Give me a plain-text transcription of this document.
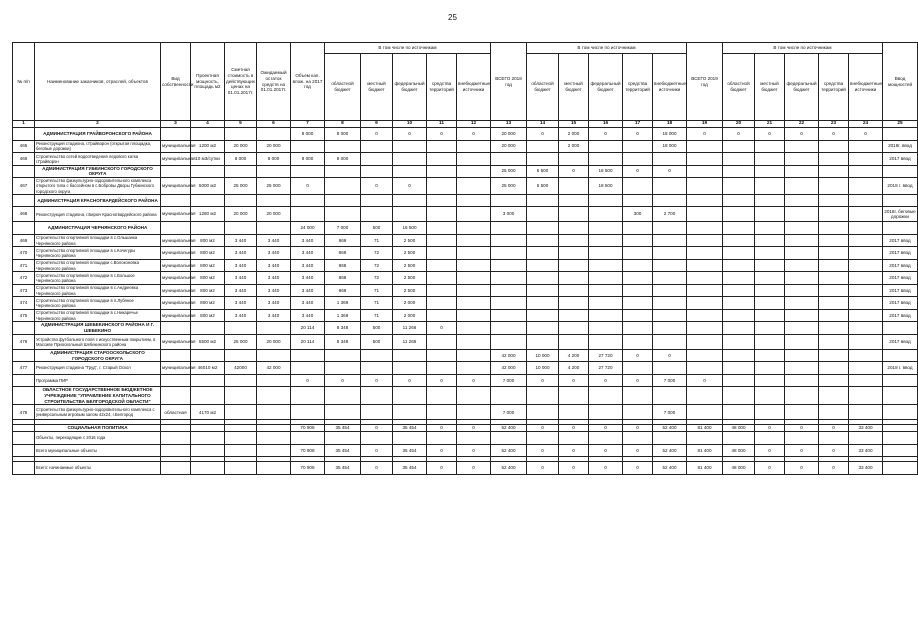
25
№ п/п	Наименование заказчиков, отраслей, объектов	Вид собственности	Проектная мощность, площадь м2	Сметная стоимость в действующих ценах на 01.01.2017г.	Ожидаемый остаток средств на 01.01.2017г.	Объем кап. влож. на 2017 год	В том числе по источникам					ВСЕГО 2018 год	В том числе по источникам					ВСЕГО 2019 год	В том числе по источникам					Ввод мощностей
							областной бюджет	местный бюджет	федеральный бюджет	средства территорий	внебюджетные источники		областной бюджет	местный бюджет	федеральный бюджет	средства территорий	внебюджетные источники		областной бюджет	местный бюджет	федеральный бюджет	средства территорий	внебюджетные источники	
1	2	3	4	5	6	7	8	9	10	11	12	13	14	15	16	17	18	19	20	21	22	23	24	25
	АДМИНИСТРАЦИЯ ГРАЙВОРОНСКОГО РАЙОНА					8 000	8 000	0	0	0	0	20 000	0	2 000	0	0	18 000	0	0	0	0	0	0	
465	Реконструкция стадиона, г.Грайворон (открытая площадка, беговые дорожки)	муниципальная	1200 м2	20 000	20 000							20 000		2 000			18 000							2018г. ввод
466	Строительство сетей водоотведения ледового катка г.Грайворон	муниципальная	10 м3/сутки	8 000	8 000	8 000	8 000																	2017 ввод
	АДМИНИСТРАЦИЯ ГУБКИНСКОГО ГОРОДСКОГО ОКРУГА											25 000	6 500	0	18 500	0	0							
467	Строительство физкультурно-оздоровительного комплекса открытого типа с бассейном в с.Бобровы Дворы Губкинского городского округа	муниципальная	5000 м2	25 000	25 000	0		0	0			25 000	6 500		18 500									2018 г. ввод
	АДМИНИСТРАЦИЯ КРАСНОГВАРДЕЙСКОГО РАЙОНА																							
468	Реконструкция стадиона, г.Бирюч Красногвардейского района	муниципальная	1280 м2	20 000	20 000							3 000				300	2 700							2018г. беговые дорожки
	АДМИНИСТРАЦИЯ ЧЕРНЯНСКОГО РАЙОНА					24 000	7 000	500	16 500															
469	Строительство спортивной площадки в с.Ольшанка Чернянского района	муниципальная	800 м2	3 440	3 440	3 440	869	71	2 500															2017 ввод
470	Строительство спортивной площадки в с.Кочегуры Чернянского района	муниципальная	800 м2	3 440	3 440	3 440	868	72	2 500															2017 ввод
471	Строительство спортивной площадки с.Волоконовка Чернянского района	муниципальная	800 м2	3 440	3 440	3 440	868	72	2 500															2017 ввод
472	Строительство спортивной площадки в с.Большое Чернянского района	муниципальная	800 м2	3 440	3 440	3 440	868	72	2 500															2017 ввод
473	Строительство спортивной площадки в с.Андреевка Чернянского района	муниципальная	800 м2	3 440	3 440	3 440	869	71	2 500															2017 ввод
474	Строительство спортивной площадки в п.Лубяное Чернянского района	муниципальная	800 м2	3 440	3 440	3 440	1 369	71	2 000															2017 ввод
475	Строительство спортивной площадки в с.Никаречье Чернянского района	муниципальная	800 м2	3 440	3 440	3 440	1 369	71	2 000															2017 ввод
	АДМИНИСТРАЦИЯ ШЕБЕКИНСКОГО РАЙОНА И Г. ШЕБЕКИНО					20 114	8 348	500	11 266	0														
476	Устройство футбольного поля с искусственным покрытием, в Массиве Приоскольный Шебекинского района	муниципальная	5500 м2	25 000	20 000	20 114	8 348	500	11 266															2017 ввод
	АДМИНИСТРАЦИЯ СТАРООСКОЛЬСКОГО ГОРОДСКОГО ОКРУГА											42 000	10 000	4 200	27 720	0	0							
477	Реконструкция стадиона "Труд", г. Старый Оскол	муниципальная	46010 м2	42000	42 000							42 000	10 000	4 200	27 720									2018 г. ввод
	Программа ПИР					0	0	0	0	0	0	7 000	0	0	0	0	7 000	0						
	ОБЛАСТНОЕ ГОСУДАРСТВЕННОЕ БЮДЖЕТНОЕ УЧРЕЖДЕНИЕ "УПРАВЛЕНИЕ КАПИТАЛЬНОГО СТРОИТЕЛЬСТВА БЕЛГОРОДСКОЙ ОБЛАСТИ"																							
478	Строительство физкультурно-оздоровительного комплекса с универсальным игровым залом 42х24, г.Белгород	областная	4170 м2									7 000					7 000							

	СОЦИАЛЬНАЯ ПОЛИТИКА					70 908	35 454	0	35 454	0	0	52 400	0	0	0	0	52 400	81 400	48 000	0	0	0	33 400	
	Объекты, переходящие с 2016 года																							
	Всего муниципальные объекты					70 908	35 454	0	35 454	0	0	52 400	0	0	0	0	52 400	81 400	48 000	0	0	0	33 400	

	Всего: начинаемые объекты					70 908	35 454	0	35 454	0	0	52 400	0	0	0	0	52 400	81 400	48 000	0	0	0	33 400	
